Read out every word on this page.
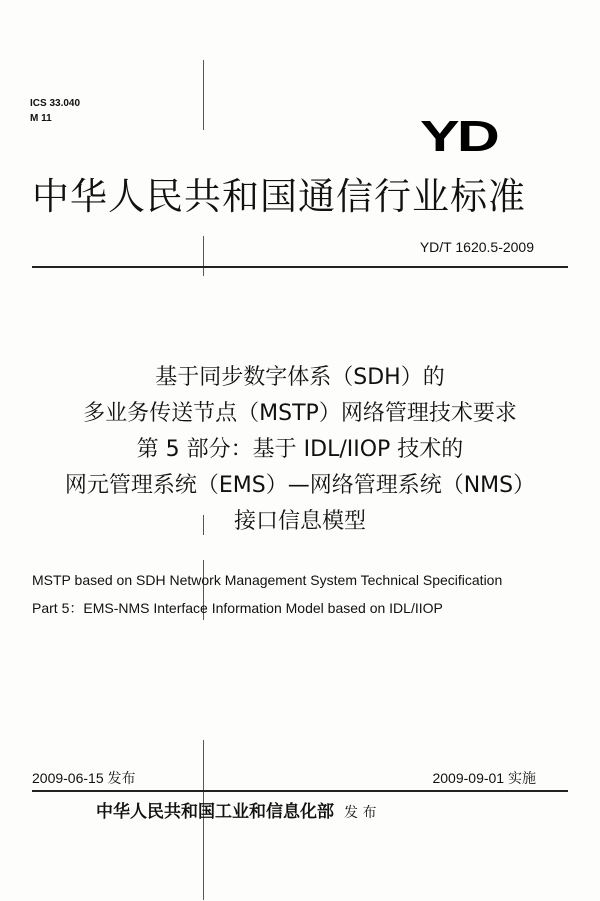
ICS 33.040
M 11	YD
中华人民共和国通信行业标准
YD/T 1620.5-2009
基于同步数字体系（SDH）的
多业务传送节点（MSTP）网络管理技术要求
第 5 部分：基于 IDL/IIOP 技术的
网元管理系统（EMS）—网络管理系统（NMS）
接口信息模型
MSTP based on SDH Network Management System Technical Specification
Part 5：EMS-NMS Interface Information Model based on IDL/IIOP
2009-06-15 发布	2009-09-01 实施
中华人民共和国工业和信息化部 发 布
